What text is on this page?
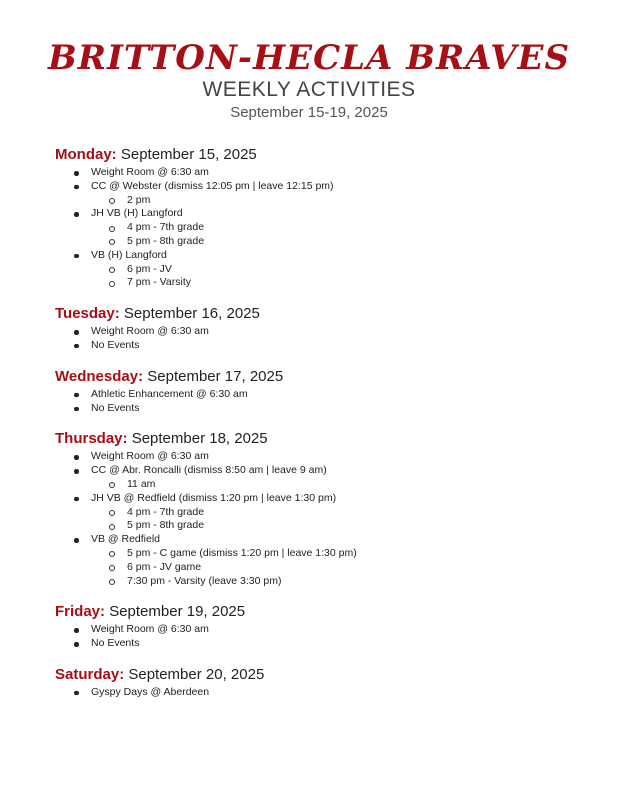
BRITTON-HECLA BRAVES
WEEKLY ACTIVITIES
September 15-19, 2025
Monday: September 15, 2025
Weight Room @ 6:30 am
CC @ Webster (dismiss 12:05 pm | leave 12:15 pm)
2 pm
JH VB (H) Langford
4 pm - 7th grade
5 pm - 8th grade
VB (H) Langford
6 pm - JV
7 pm - Varsity
Tuesday: September 16, 2025
Weight Room @ 6:30 am
No Events
Wednesday: September 17, 2025
Athletic Enhancement @ 6:30 am
No Events
Thursday: September 18, 2025
Weight Room @ 6:30 am
CC @ Abr. Roncalli (dismiss 8:50 am | leave 9 am)
11 am
JH VB @ Redfield (dismiss 1:20 pm | leave 1:30 pm)
4 pm - 7th grade
5 pm - 8th grade
VB @ Redfield
5 pm - C game (dismiss 1:20 pm | leave 1:30 pm)
6 pm - JV game
7:30 pm - Varsity (leave 3:30 pm)
Friday: September 19, 2025
Weight Room @ 6:30 am
No Events
Saturday: September 20, 2025
Gyspy Days @ Aberdeen
